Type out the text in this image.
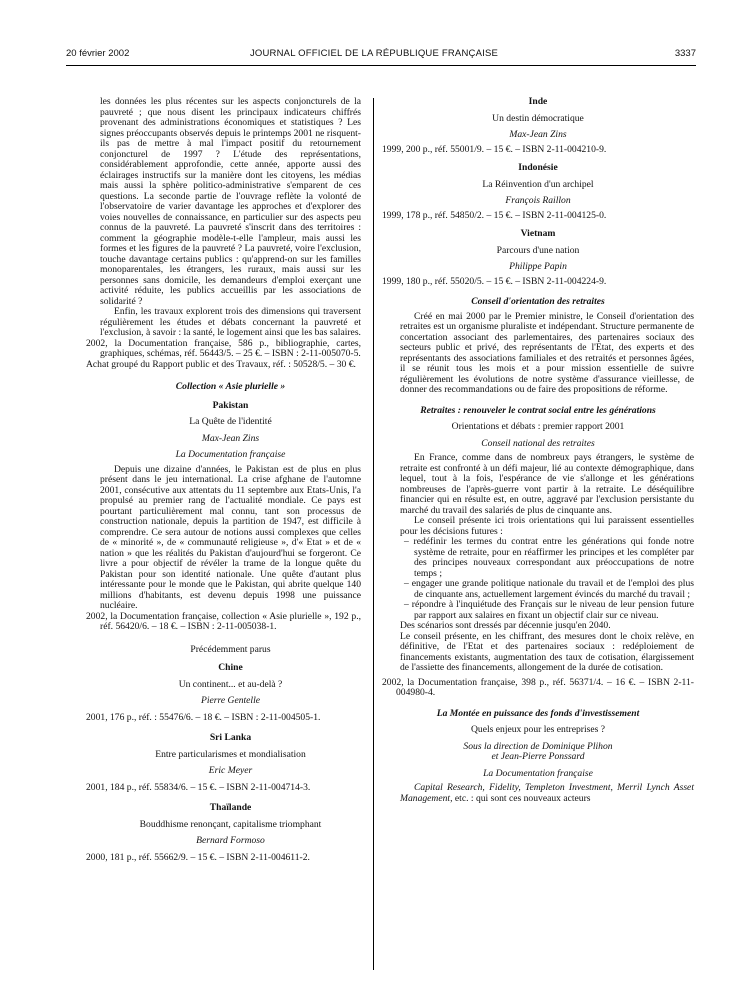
20 février 2002	JOURNAL OFFICIEL DE LA RÉPUBLIQUE FRANÇAISE	3337

les données les plus récentes sur les aspects conjoncturels de la pauvreté ; que nous disent les principaux indicateurs chiffrés provenant des administrations économiques et statistiques ? Les signes préoccupants observés depuis le printemps 2001 ne risquent-ils pas de mettre à mal l'impact positif du retournement conjoncturel de 1997 ? L'étude des représentations, considérablement approfondie, cette année, apporte aussi des éclairages instructifs sur la manière dont les citoyens, les médias mais aussi la sphère politico-administrative s'emparent de ces questions. La seconde partie de l'ouvrage reflète la volonté de l'observatoire de varier davantage les approches et d'explorer des voies nouvelles de connaissance, en particulier sur des aspects peu connus de la pauvreté. La pauvreté s'inscrit dans des territoires : comment la géographie modèle-t-elle l'ampleur, mais aussi les formes et les figures de la pauvreté ? La pauvreté, voire l'exclusion, touche davantage certains publics : qu'apprend-on sur les familles monoparentales, les étrangers, les ruraux, mais aussi sur les personnes sans domicile, les demandeurs d'emploi exerçant une activité réduite, les publics accueillis par les associations de solidarité ?

Enfin, les travaux explorent trois des dimensions qui traversent régulièrement les études et débats concernant la pauvreté et l'exclusion, à savoir : la santé, le logement ainsi que les bas salaires.

2002, la Documentation française, 586 p., bibliographie, cartes, graphiques, schémas, réf. 56443/5. – 25 €. – ISBN : 2-11-005070-5.

Achat groupé du Rapport public et des Travaux, réf. : 50528/5. – 30 €.

Collection « Asie plurielle »

Pakistan

La Quête de l'identité

Max-Jean Zins

La Documentation française

Depuis une dizaine d'années, le Pakistan est de plus en plus présent dans le jeu international. La crise afghane de l'automne 2001, consécutive aux attentats du 11 septembre aux Etats-Unis, l'a propulsé au premier rang de l'actualité mondiale. Ce pays est pourtant particulièrement mal connu, tant son processus de construction nationale, depuis la partition de 1947, est difficile à comprendre. Ce sera autour de notions aussi complexes que celles de « minorité », de « communauté religieuse », d'« Etat » et de « nation » que les réalités du Pakistan d'aujourd'hui se forgeront. Ce livre a pour objectif de révéler la trame de la longue quête du Pakistan pour son identité nationale. Une quête d'autant plus intéressante pour le monde que le Pakistan, qui abrite quelque 140 millions d'habitants, est devenu depuis 1998 une puissance nucléaire.

2002, la Documentation française, collection « Asie plurielle », 192 p., réf. 56420/6. – 18 €. – ISBN : 2-11-005038-1.

Précédemment parus

Chine

Un continent... et au-delà ?

Pierre Gentelle

2001, 176 p., réf. : 55476/6. – 18 €. – ISBN : 2-11-004505-1.

Sri Lanka

Entre particularismes et mondialisation

Eric Meyer

2001, 184 p., réf. 55834/6. – 15 €. – ISBN 2-11-004714-3.

Thaïlande

Bouddhisme renonçant, capitalisme triomphant

Bernard Formoso

2000, 181 p., réf. 55662/9. – 15 €. – ISBN 2-11-004611-2.

Inde

Un destin démocratique

Max-Jean Zins

1999, 200 p., réf. 55001/9. – 15 €. – ISBN 2-11-004210-9.

Indonésie

La Réinvention d'un archipel

François Raillon

1999, 178 p., réf. 54850/2. – 15 €. – ISBN 2-11-004125-0.

Vietnam

Parcours d'une nation

Philippe Papin

1999, 180 p., réf. 55020/5. – 15 €. – ISBN 2-11-004224-9.

Conseil d'orientation des retraites

Créé en mai 2000 par le Premier ministre, le Conseil d'orientation des retraites est un organisme pluraliste et indépendant. Structure permanente de concertation associant des parlementaires, des partenaires sociaux des secteurs public et privé, des représentants de l'Etat, des experts et des représentants des associations familiales et des retraités et personnes âgées, il se réunit tous les mois et a pour mission essentielle de suivre régulièrement les évolutions de notre système d'assurance vieillesse, de donner des recommandations ou de faire des propositions de réforme.

Retraites : renouveler le contrat social entre les générations

Orientations et débats : premier rapport 2001

Conseil national des retraites

En France, comme dans de nombreux pays étrangers, le système de retraite est confronté à un défi majeur, lié au contexte démographique, dans lequel, tout à la fois, l'espérance de vie s'allonge et les générations nombreuses de l'après-guerre vont partir à la retraite. Le déséquilibre financier qui en résulte est, en outre, aggravé par l'exclusion persistante du marché du travail des salariés de plus de cinquante ans.

Le conseil présente ici trois orientations qui lui paraissent essentielles pour les décisions futures :

– redéfinir les termes du contrat entre les générations qui fonde notre système de retraite, pour en réaffirmer les principes et les compléter par des principes nouveaux correspondant aux préoccupations de notre temps ;

– engager une grande politique nationale du travail et de l'emploi des plus de cinquante ans, actuellement largement évincés du marché du travail ;

– répondre à l'inquiétude des Français sur le niveau de leur pension future par rapport aux salaires en fixant un objectif clair sur ce niveau.

Des scénarios sont dressés par décennie jusqu'en 2040.

Le conseil présente, en les chiffrant, des mesures dont le choix relève, en définitive, de l'Etat et des partenaires sociaux : redéploiement de financements existants, augmentation des taux de cotisation, élargissement de l'assiette des financements, allongement de la durée de cotisation.

2002, la Documentation française, 398 p., réf. 56371/4. – 16 €. – ISBN 2-11-004980-4.

La Montée en puissance des fonds d'investissement

Quels enjeux pour les entreprises ?

Sous la direction de Dominique Plihon

et Jean-Pierre Ponssard

La Documentation française

Capital Research, Fidelity, Templeton Investment, Merril Lynch Asset Management, etc. : qui sont ces nouveaux acteurs
